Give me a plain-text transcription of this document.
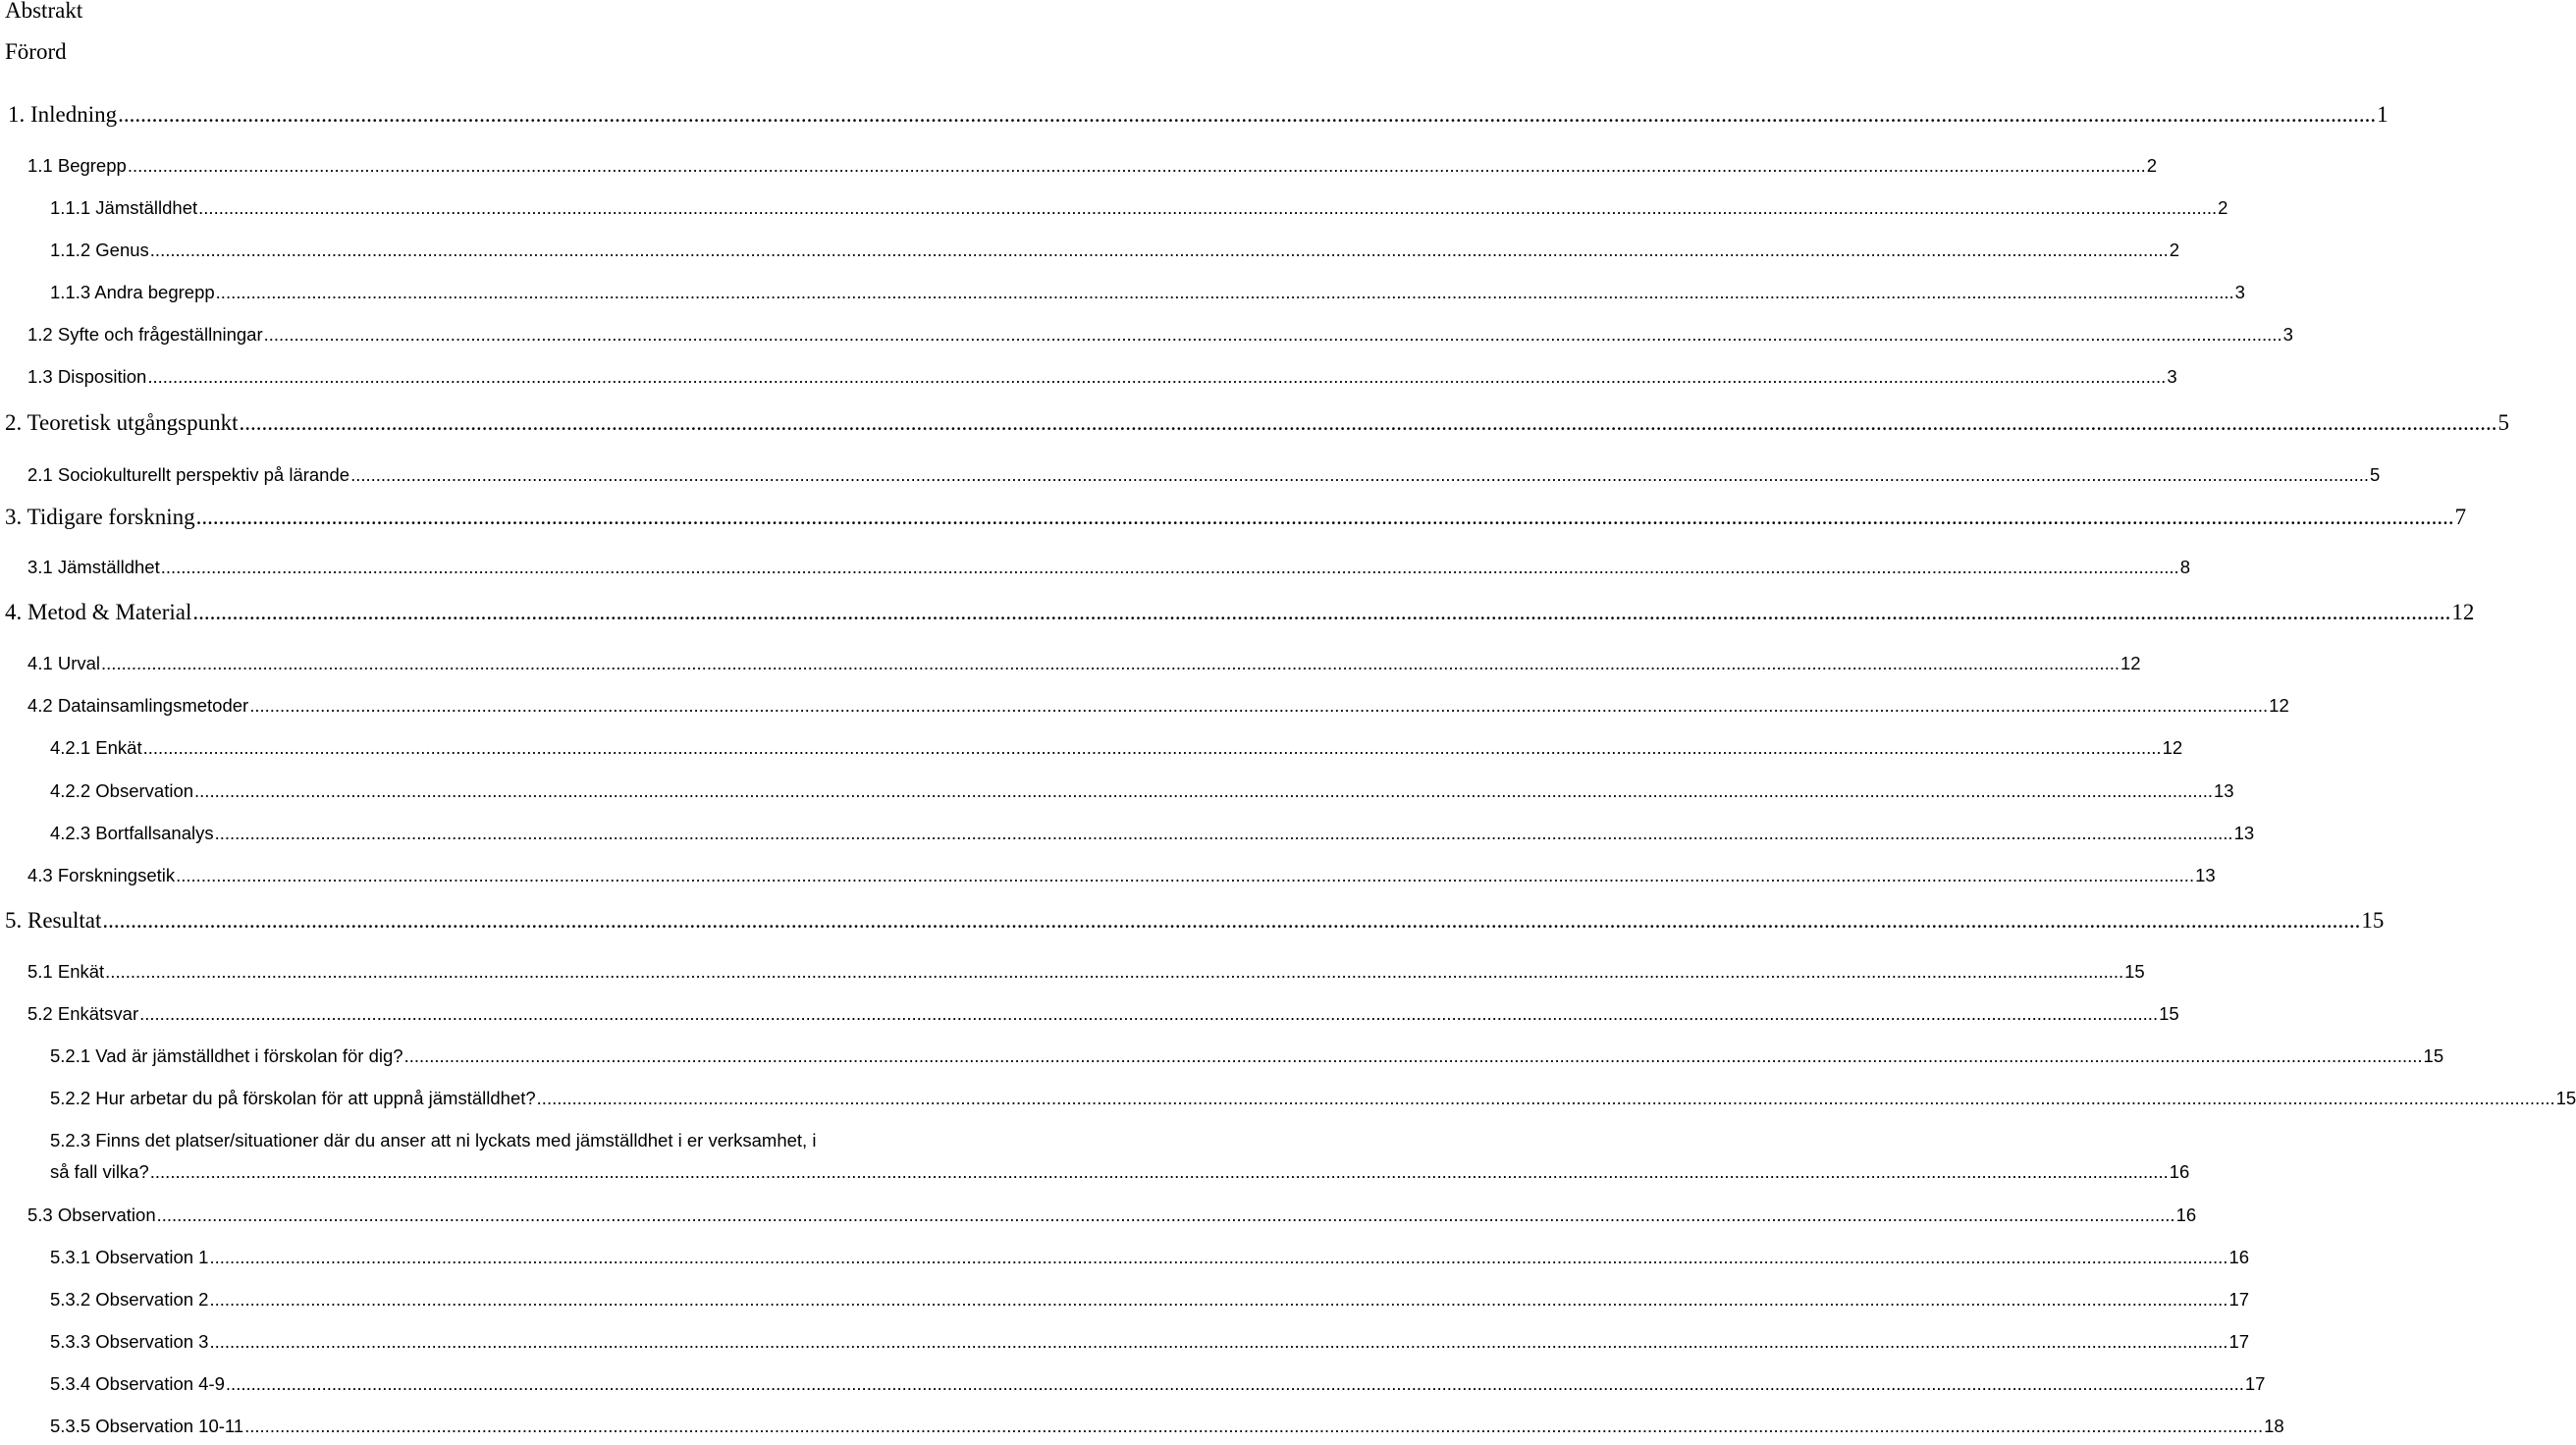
Abstrakt
Förord
1. Inledning ................................................................................................................................................................................................................................................................................................................................................................................................................ 1
1.1 Begrepp ................................................................................................................................................................................................................................................................................................................................................................................................................ 2
1.1.1 Jämställdhet ................................................................................................................................................................................................................................................................................................................................................................................................................ 2
1.1.2 Genus ................................................................................................................................................................................................................................................................................................................................................................................................................ 2
1.1.3 Andra begrepp ................................................................................................................................................................................................................................................................................................................................................................................................................ 3
1.2 Syfte och frågeställningar ................................................................................................................................................................................................................................................................................................................................................................................................................ 3
1.3 Disposition ................................................................................................................................................................................................................................................................................................................................................................................................................ 3
2. Teoretisk utgångspunkt ................................................................................................................................................................................................................................................................................................................................................................................................................ 5
2.1 Sociokulturellt perspektiv på lärande ................................................................................................................................................................................................................................................................................................................................................................................................................ 5
3. Tidigare forskning ................................................................................................................................................................................................................................................................................................................................................................................................................ 7
3.1 Jämställdhet ................................................................................................................................................................................................................................................................................................................................................................................................................ 8
4. Metod & Material ................................................................................................................................................................................................................................................................................................................................................................................................................ 12
4.1 Urval ................................................................................................................................................................................................................................................................................................................................................................................................................ 12
4.2 Datainsamlingsmetoder ................................................................................................................................................................................................................................................................................................................................................................................................................ 12
4.2.1 Enkät ................................................................................................................................................................................................................................................................................................................................................................................................................ 12
4.2.2 Observation ................................................................................................................................................................................................................................................................................................................................................................................................................ 13
4.2.3 Bortfallsanalys ................................................................................................................................................................................................................................................................................................................................................................................................................ 13
4.3 Forskningsetik ................................................................................................................................................................................................................................................................................................................................................................................................................ 13
5. Resultat ................................................................................................................................................................................................................................................................................................................................................................................................................ 15
5.1 Enkät ................................................................................................................................................................................................................................................................................................................................................................................................................ 15
5.2 Enkätsvar ................................................................................................................................................................................................................................................................................................................................................................................................................ 15
5.2.1 Vad är jämställdhet i förskolan för dig? ................................................................................................................................................................................................................................................................................................................................................................................................................ 15
5.2.2 Hur arbetar du på förskolan för att uppnå jämställdhet? ................................................................................................................................................................................................................................................................................................................................................................................................................ 15
5.2.3 Finns det platser/situationer där du anser att ni lyckats med jämställdhet i er verksamhet, i
så fall vilka? ................................................................................................................................................................................................................................................................................................................................................................................................................ 16
5.3 Observation ................................................................................................................................................................................................................................................................................................................................................................................................................ 16
5.3.1 Observation 1 ................................................................................................................................................................................................................................................................................................................................................................................................................ 16
5.3.2 Observation 2 ................................................................................................................................................................................................................................................................................................................................................................................................................ 17
5.3.3 Observation 3 ................................................................................................................................................................................................................................................................................................................................................................................................................ 17
5.3.4 Observation 4-9 ................................................................................................................................................................................................................................................................................................................................................................................................................ 17
5.3.5 Observation 10-11 ................................................................................................................................................................................................................................................................................................................................................................................................................ 18
